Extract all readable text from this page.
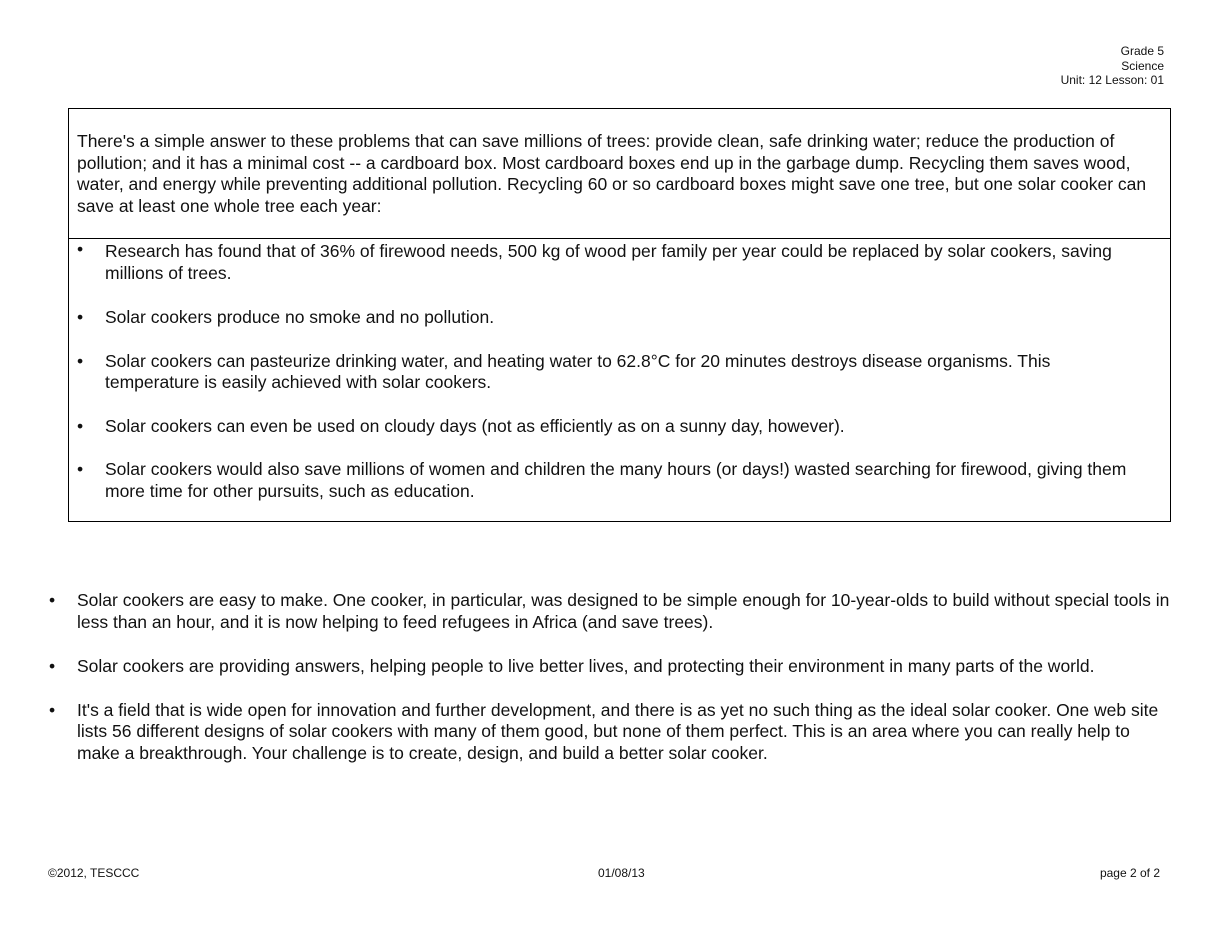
Grade 5
Science
Unit: 12 Lesson: 01
There's a simple answer to these problems that can save millions of trees: provide clean, safe drinking water; reduce the production of pollution; and it has a minimal cost -- a cardboard box. Most cardboard boxes end up in the garbage dump. Recycling them saves wood, water, and energy while preventing additional pollution. Recycling 60 or so cardboard boxes might save one tree, but one solar cooker can save at least one whole tree each year:
• Research has found that of 36% of firewood needs, 500 kg of wood per family per year could be replaced by solar cookers, saving millions of trees.
• Solar cookers produce no smoke and no pollution.
• Solar cookers can pasteurize drinking water, and heating water to 62.8°C for 20 minutes destroys disease organisms. This temperature is easily achieved with solar cookers.
• Solar cookers can even be used on cloudy days (not as efficiently as on a sunny day, however).
• Solar cookers would also save millions of women and children the many hours (or days!) wasted searching for firewood, giving them more time for other pursuits, such as education.
• Solar cookers are easy to make. One cooker, in particular, was designed to be simple enough for 10-year-olds to build without special tools in less than an hour, and it is now helping to feed refugees in Africa (and save trees).
• Solar cookers are providing answers, helping people to live better lives, and protecting their environment in many parts of the world.
• It's a field that is wide open for innovation and further development, and there is as yet no such thing as the ideal solar cooker. One web site lists 56 different designs of solar cookers with many of them good, but none of them perfect. This is an area where you can really help to make a breakthrough. Your challenge is to create, design, and build a better solar cooker.
©2012, TESCCC	01/08/13	page 2 of 2
